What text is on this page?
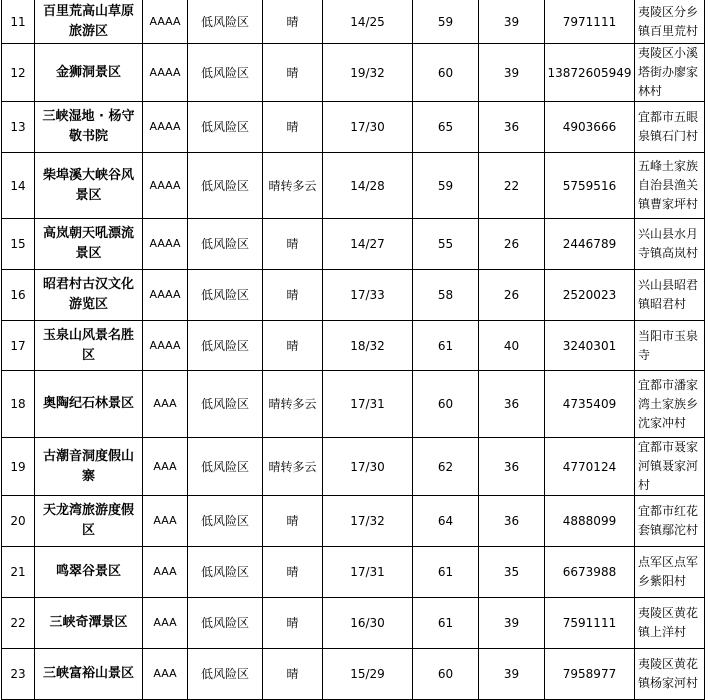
11	百里荒高山草原旅游区	AAAA	低风险区	晴	14/25	59	39	7971111	夷陵区分乡镇百里荒村
12	金狮洞景区	AAAA	低风险区	晴	19/32	60	39	13872605949	夷陵区小溪塔街办廖家林村
13	三峡湿地 · 杨守敬书院	AAAA	低风险区	晴	17/30	65	36	4903666	宜都市五眼泉镇石门村
14	柴埠溪大峡谷风景区	AAAA	低风险区	晴转多云	14/28	59	22	5759516	五峰土家族自治县渔关镇曹家坪村
15	高岚朝天吼漂流景区	AAAA	低风险区	晴	14/27	55	26	2446789	兴山县水月寺镇高岚村
16	昭君村古汉文化游览区	AAAA	低风险区	晴	17/33	58	26	2520023	兴山县昭君镇昭君村
17	玉泉山风景名胜区	AAAA	低风险区	晴	18/32	61	40	3240301	当阳市玉泉寺
18	奥陶纪石林景区	AAA	低风险区	晴转多云	17/31	60	36	4735409	宜都市潘家湾土家族乡沈家冲村
19	古潮音洞度假山寨	AAA	低风险区	晴转多云	17/30	62	36	4770124	宜都市聂家河镇聂家河村
20	天龙湾旅游度假区	AAA	低风险区	晴	17/32	64	36	4888099	宜都市红花套镇鄢沱村
21	鸣翠谷景区	AAA	低风险区	晴	17/31	61	35	6673988	点军区点军乡紫阳村
22	三峡奇潭景区	AAA	低风险区	晴	16/30	61	39	7591111	夷陵区黄花镇上洋村
23	三峡富裕山景区	AAA	低风险区	晴	15/29	60	39	7958977	夷陵区黄花镇杨家河村
